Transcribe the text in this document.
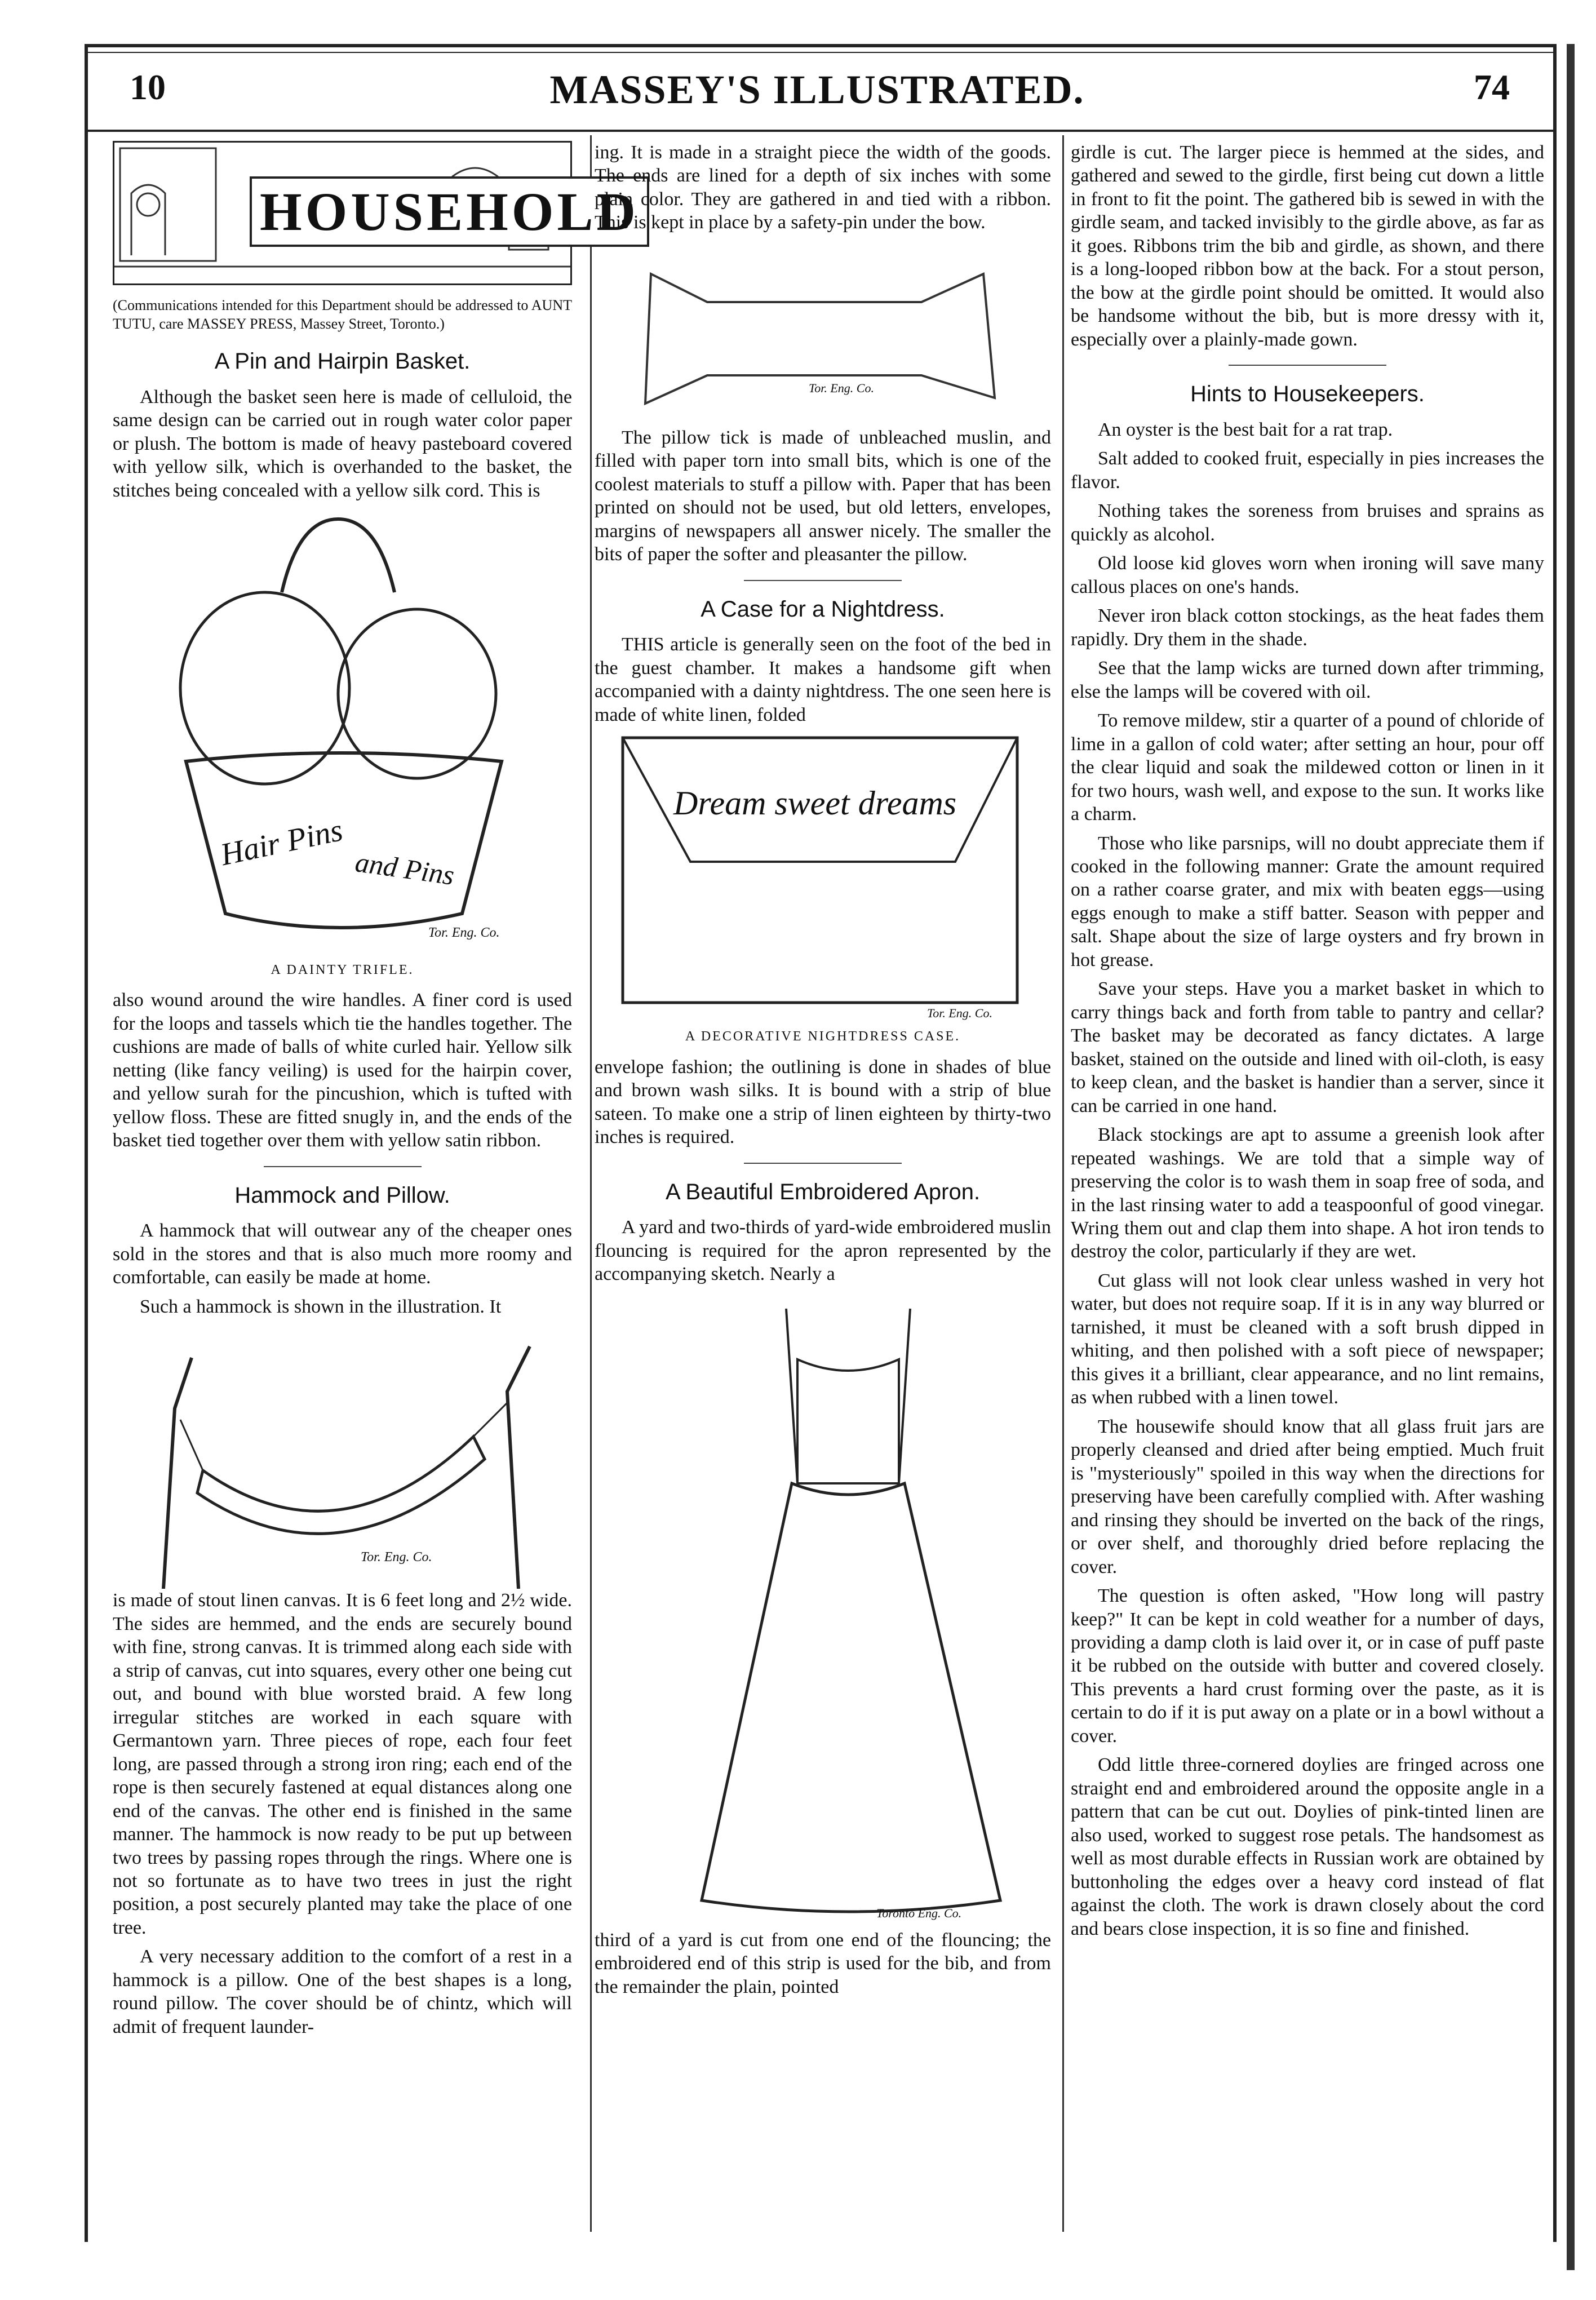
10	MASSEY'S ILLUSTRATED.	74
HOUSEHOLD

(Communications intended for this Department should be addressed to AUNT TUTU, care MASSEY PRESS, Massey Street, Toronto.)

A Pin and Hairpin Basket.

Although the basket seen here is made of celluloid, the same design can be carried out in rough water color paper or plush. The bottom is made of heavy pasteboard covered with yellow silk, which is overhanded to the basket, the stitches being concealed with a yellow silk cord. This is

Hair Pins and Pins
Tor. Eng. Co.
A DAINTY TRIFLE.

also wound around the wire handles. A finer cord is used for the loops and tassels which tie the handles together. The cushions are made of balls of white curled hair. Yellow silk netting (like fancy veiling) is used for the hairpin cover, and yellow surah for the pincushion, which is tufted with yellow floss. These are fitted snugly in, and the ends of the basket tied together over them with yellow satin ribbon.

Hammock and Pillow.

A hammock that will outwear any of the cheaper ones sold in the stores and that is also much more roomy and comfortable, can easily be made at home.

Such a hammock is shown in the illustration. It

Tor. Eng. Co.

is made of stout linen canvas. It is 6 feet long and 2½ wide. The sides are hemmed, and the ends are securely bound with fine, strong canvas. It is trimmed along each side with a strip of canvas, cut into squares, every other one being cut out, and bound with blue worsted braid. A few long irregular stitches are worked in each square with Germantown yarn. Three pieces of rope, each four feet long, are passed through a strong iron ring; each end of the rope is then securely fastened at equal distances along one end of the canvas. The other end is finished in the same manner. The hammock is now ready to be put up between two trees by passing ropes through the rings. Where one is not so fortunate as to have two trees in just the right position, a post securely planted may take the place of one tree.

A very necessary addition to the comfort of a rest in a hammock is a pillow. One of the best shapes is a long, round pillow. The cover should be of chintz, which will admit of frequent launder-

ing. It is made in a straight piece the width of the goods. The ends are lined for a depth of six inches with some plain color. They are gathered in and tied with a ribbon. This is kept in place by a safety-pin under the bow.

Tor. Eng. Co.

The pillow tick is made of unbleached muslin, and filled with paper torn into small bits, which is one of the coolest materials to stuff a pillow with. Paper that has been printed on should not be used, but old letters, envelopes, margins of newspapers all answer nicely. The smaller the bits of paper the softer and pleasanter the pillow.

A Case for a Nightdress.

THIS article is generally seen on the foot of the bed in the guest chamber. It makes a handsome gift when accompanied with a dainty nightdress. The one seen here is made of white linen, folded

Dream sweet dreams
Tor. Eng. Co.
A DECORATIVE NIGHTDRESS CASE.

envelope fashion; the outlining is done in shades of blue and brown wash silks. It is bound with a strip of blue sateen. To make one a strip of linen eighteen by thirty-two inches is required.

A Beautiful Embroidered Apron.

A yard and two-thirds of yard-wide embroidered muslin flouncing is required for the apron represented by the accompanying sketch. Nearly a

Toronto Eng. Co.

third of a yard is cut from one end of the flouncing; the embroidered end of this strip is used for the bib, and from the remainder the plain, pointed

girdle is cut. The larger piece is hemmed at the sides, and gathered and sewed to the girdle, first being cut down a little in front to fit the point. The gathered bib is sewed in with the girdle seam, and tacked invisibly to the girdle above, as far as it goes. Ribbons trim the bib and girdle, as shown, and there is a long-looped ribbon bow at the back. For a stout person, the bow at the girdle point should be omitted. It would also be handsome without the bib, but is more dressy with it, especially over a plainly-made gown.

Hints to Housekeepers.

An oyster is the best bait for a rat trap.

Salt added to cooked fruit, especially in pies increases the flavor.

Nothing takes the soreness from bruises and sprains as quickly as alcohol.

Old loose kid gloves worn when ironing will save many callous places on one's hands.

Never iron black cotton stockings, as the heat fades them rapidly. Dry them in the shade.

See that the lamp wicks are turned down after trimming, else the lamps will be covered with oil.

To remove mildew, stir a quarter of a pound of chloride of lime in a gallon of cold water; after setting an hour, pour off the clear liquid and soak the mildewed cotton or linen in it for two hours, wash well, and expose to the sun. It works like a charm.

Those who like parsnips, will no doubt appreciate them if cooked in the following manner: Grate the amount required on a rather coarse grater, and mix with beaten eggs—using eggs enough to make a stiff batter. Season with pepper and salt. Shape about the size of large oysters and fry brown in hot grease.

Save your steps. Have you a market basket in which to carry things back and forth from table to pantry and cellar? The basket may be decorated as fancy dictates. A large basket, stained on the outside and lined with oil-cloth, is easy to keep clean, and the basket is handier than a server, since it can be carried in one hand.

Black stockings are apt to assume a greenish look after repeated washings. We are told that a simple way of preserving the color is to wash them in soap free of soda, and in the last rinsing water to add a teaspoonful of good vinegar. Wring them out and clap them into shape. A hot iron tends to destroy the color, particularly if they are wet.

Cut glass will not look clear unless washed in very hot water, but does not require soap. If it is in any way blurred or tarnished, it must be cleaned with a soft brush dipped in whiting, and then polished with a soft piece of newspaper; this gives it a brilliant, clear appearance, and no lint remains, as when rubbed with a linen towel.

The housewife should know that all glass fruit jars are properly cleansed and dried after being emptied. Much fruit is "mysteriously" spoiled in this way when the directions for preserving have been carefully complied with. After washing and rinsing they should be inverted on the back of the rings, or over shelf, and thoroughly dried before replacing the cover.

The question is often asked, "How long will pastry keep?" It can be kept in cold weather for a number of days, providing a damp cloth is laid over it, or in case of puff paste it be rubbed on the outside with butter and covered closely. This prevents a hard crust forming over the paste, as it is certain to do if it is put away on a plate or in a bowl without a cover.

Odd little three-cornered doylies are fringed across one straight end and embroidered around the opposite angle in a pattern that can be cut out. Doylies of pink-tinted linen are also used, worked to suggest rose petals. The handsomest as well as most durable effects in Russian work are obtained by buttonholing the edges over a heavy cord instead of flat against the cloth. The work is drawn closely about the cord and bears close inspection, it is so fine and finished.
